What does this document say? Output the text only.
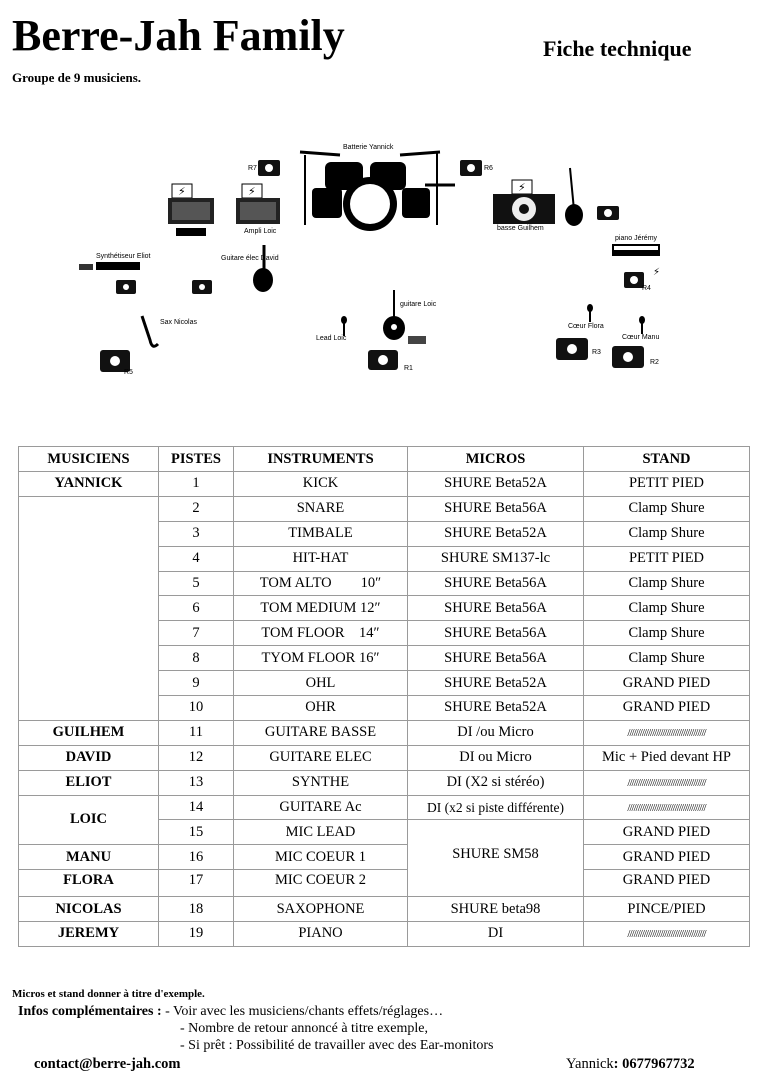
Berre-Jah Family	Fiche technique
Groupe de 9 musiciens.
Batterie Yannick
R7	R6
⚡	⚡
Ampli Loic
⚡
basse Guilhem
Synthétiseur Eliot	Guitare élec David
piano Jérémy
⚡
R4
guitare Loic
Sax Nicolas
Lead Loic
Cœur Flora
Cœur Manu
R5
R1
R3
R2
MUSICIENS	PISTES	INSTRUMENTS	MICROS	STAND
YANNICK	1	KICK	SHURE Beta52A	PETIT PIED
	2	SNARE	SHURE Beta56A	Clamp Shure
	3	TIMBALE	SHURE Beta52A	Clamp Shure
	4	HIT-HAT	SHURE SM137-lc	PETIT PIED
	5	TOM ALTO        10″	SHURE Beta56A	Clamp Shure
	6	TOM MEDIUM 12″	SHURE Beta56A	Clamp Shure
	7	TOM FLOOR    14″	SHURE Beta56A	Clamp Shure
	8	TYOM FLOOR 16″	SHURE Beta56A	Clamp Shure
	9	OHL	SHURE Beta52A	GRAND PIED
	10	OHR	SHURE Beta52A	GRAND PIED
GUILHEM	11	GUITARE BASSE	DI /ou Micro	//////////////////////////////////////
DAVID	12	GUITARE ELEC	DI ou Micro	Mic + Pied devant HP
ELIOT	13	SYNTHE	DI (X2 si stéréo)	//////////////////////////////////////
LOIC	14	GUITARE Ac	DI (x2 si piste différente)	//////////////////////////////////////
	15	MIC LEAD	SHURE SM58	GRAND PIED
MANU	16	MIC COEUR 1		GRAND PIED
FLORA	17	MIC COEUR 2		GRAND PIED
NICOLAS	18	SAXOPHONE	SHURE beta98	PINCE/PIED
JEREMY	19	PIANO	DI	//////////////////////////////////////
Micros et stand donner à titre d'exemple.
Infos complémentaires : - Voir avec les musiciens/chants effets/réglages…
- Nombre de retour annoncé à titre exemple,
- Si prêt : Possibilité de travailler avec des Ear-monitors
contact@berre-jah.com	Yannick: 0677967732
